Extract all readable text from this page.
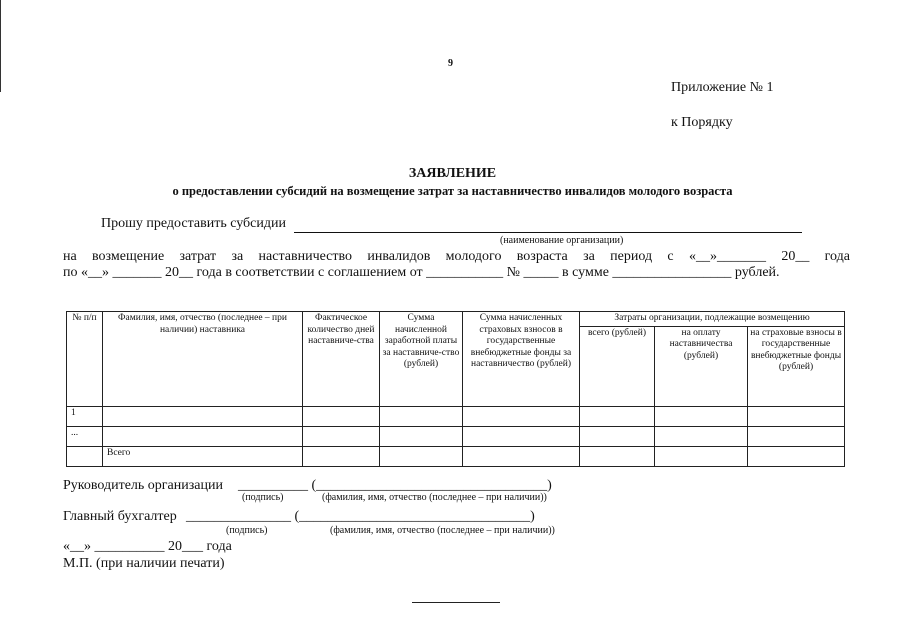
9
Приложение № 1
к Порядку
ЗАЯВЛЕНИЕ
о предоставлении субсидий на возмещение затрат за наставничество инвалидов молодого возраста
Прошу предоставить субсидии
(наименование организации)
на возмещение затрат за наставничество инвалидов молодого возраста за период с «__»_______ 20__ года
по «__» _______ 20__ года в соответствии с соглашением от ___________ № _____ в сумме _________________ рублей.
№ п/п	Фамилия, имя, отчество (последнее – при наличии) наставника	Фактическое количество дней наставниче-ства	Сумма начисленной заработной платы за наставниче-ство (рублей)	Сумма начисленных страховых взносов в государственные внебюджетные фонды за наставничество (рублей)	Затраты организации, подлежащие возмещению		
					всего (рублей)	на оплату наставничества (рублей)	на страховые взносы в государственные внебюджетные фонды (рублей)
1							
...							
	Всего						
Руководитель организации __________ (_________________________________)
(подпись)	(фамилия, имя, отчество (последнее – при наличии))
Главный бухгалтер _______________ (_________________________________)
(подпись)	(фамилия, имя, отчество (последнее – при наличии))
«__» __________ 20___ года
М.П. (при наличии печати)
